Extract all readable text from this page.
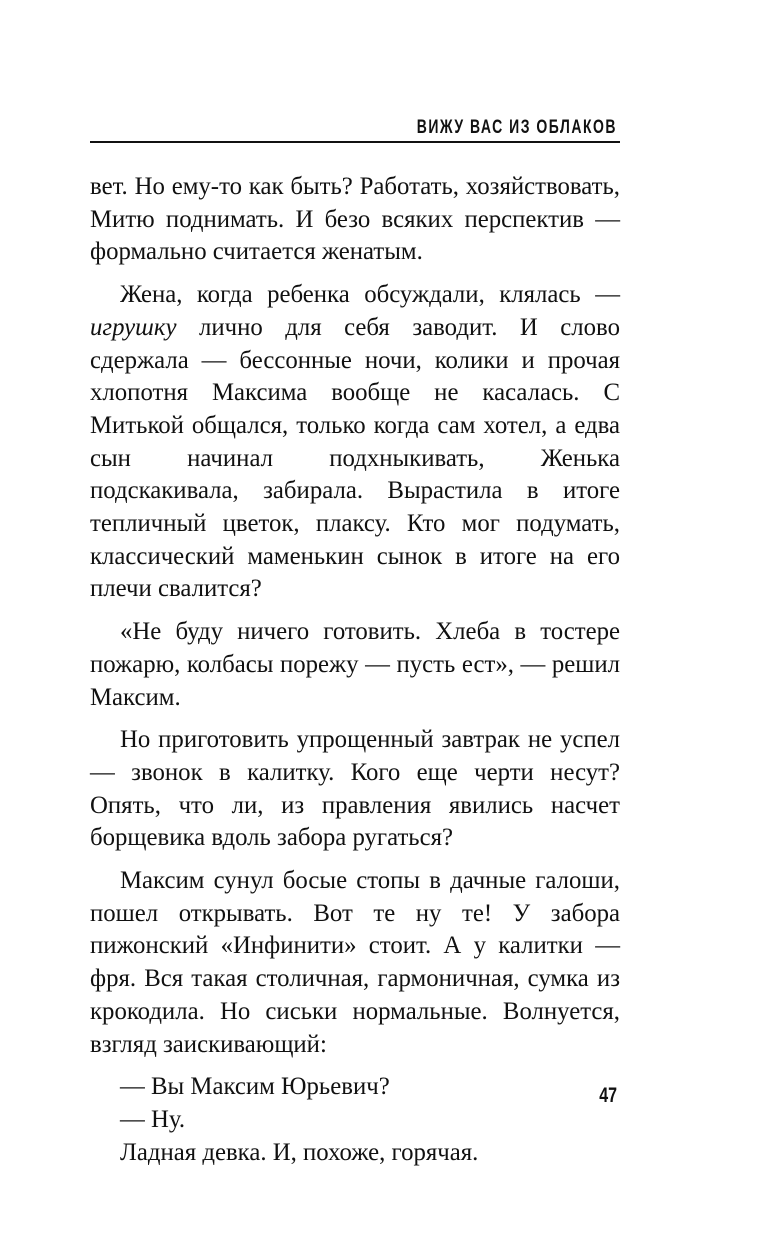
ВИЖУ ВАС ИЗ ОБЛАКОВ

вет. Но ему-то как быть? Работать, хозяйствовать, Митю поднимать. И безо всяких перспектив — формально считается женатым.

Жена, когда ребенка обсуждали, клялась — игрушку лично для себя заводит. И слово сдержала — бессонные ночи, колики и прочая хлопотня Максима вообще не касалась. С Митькой общался, только когда сам хотел, а едва сын начинал подхныкивать, Женька подскакивала, забирала. Вырастила в итоге тепличный цветок, плаксу. Кто мог подумать, классический маменькин сынок в итоге на его плечи свалится?

«Не буду ничего готовить. Хлеба в тостере пожарю, колбасы порежу — пусть ест», — решил Максим.

Но приготовить упрощенный завтрак не успел — звонок в калитку. Кого еще черти несут? Опять, что ли, из правления явились насчет борщевика вдоль забора ругаться?

Максим сунул босые стопы в дачные галоши, пошел открывать. Вот те ну те! У забора пижонский «Инфинити» стоит. А у калитки — фря. Вся такая столичная, гармоничная, сумка из крокодила. Но сиськи нормальные. Волнуется, взгляд заискивающий:

— Вы Максим Юрьевич?

— Ну.

Ладная девка. И, похоже, горячая.

47
